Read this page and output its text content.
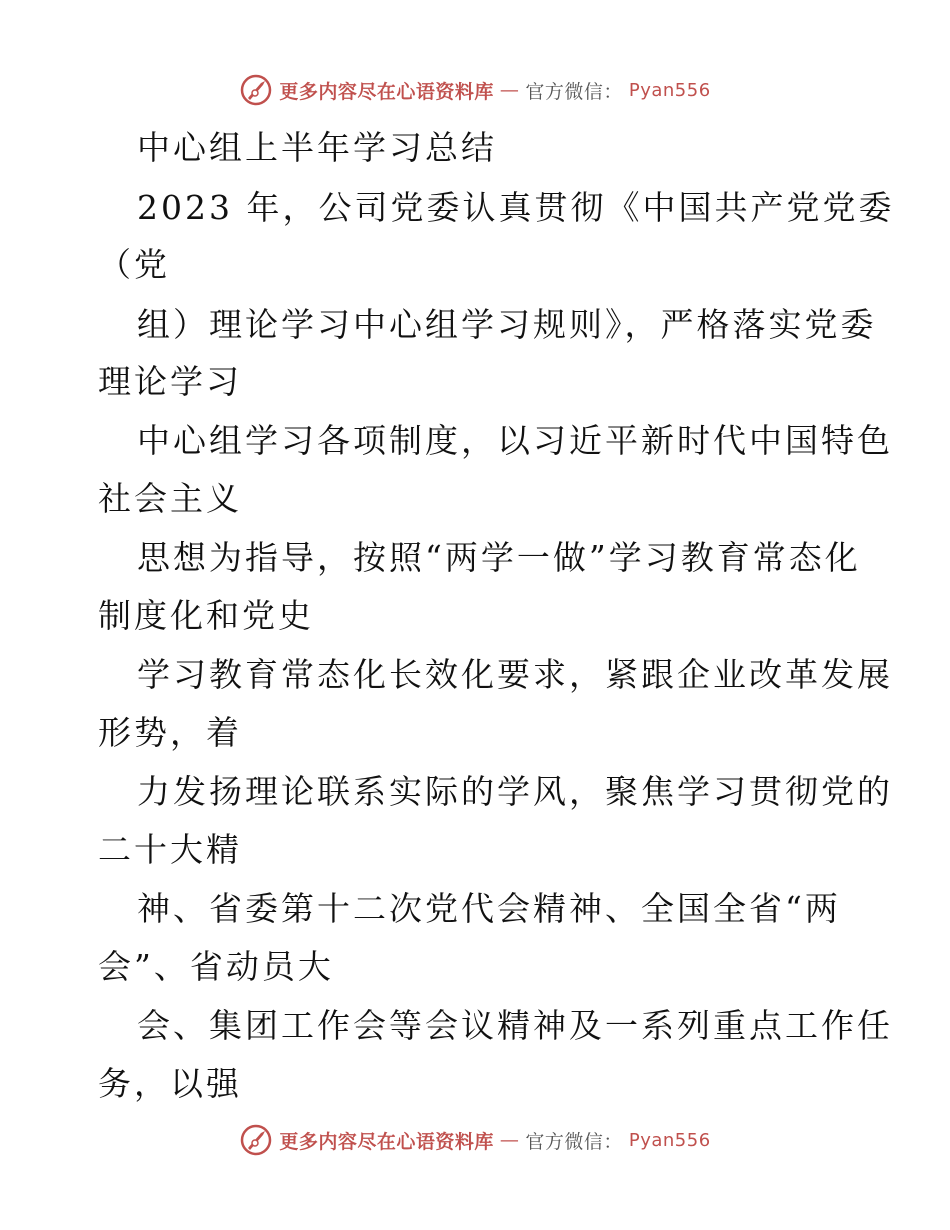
更多内容尽在心语资料库 — 官方微信： Pyan556
中心组上半年学习总结
2023 年，公司党委认真贯彻《中国共产党党委
（党
组）理论学习中心组学习规则》，严格落实党委
理论学习
中心组学习各项制度，以习近平新时代中国特色
社会主义
思想为指导，按照“两学一做”学习教育常态化
制度化和党史
学习教育常态化长效化要求，紧跟企业改革发展
形势，着
力发扬理论联系实际的学风，聚焦学习贯彻党的
二十大精
神、省委第十二次党代会精神、全国全省“两
会”、省动员大
会、集团工作会等会议精神及一系列重点工作任
务，以强
更多内容尽在心语资料库 — 官方微信： Pyan556
